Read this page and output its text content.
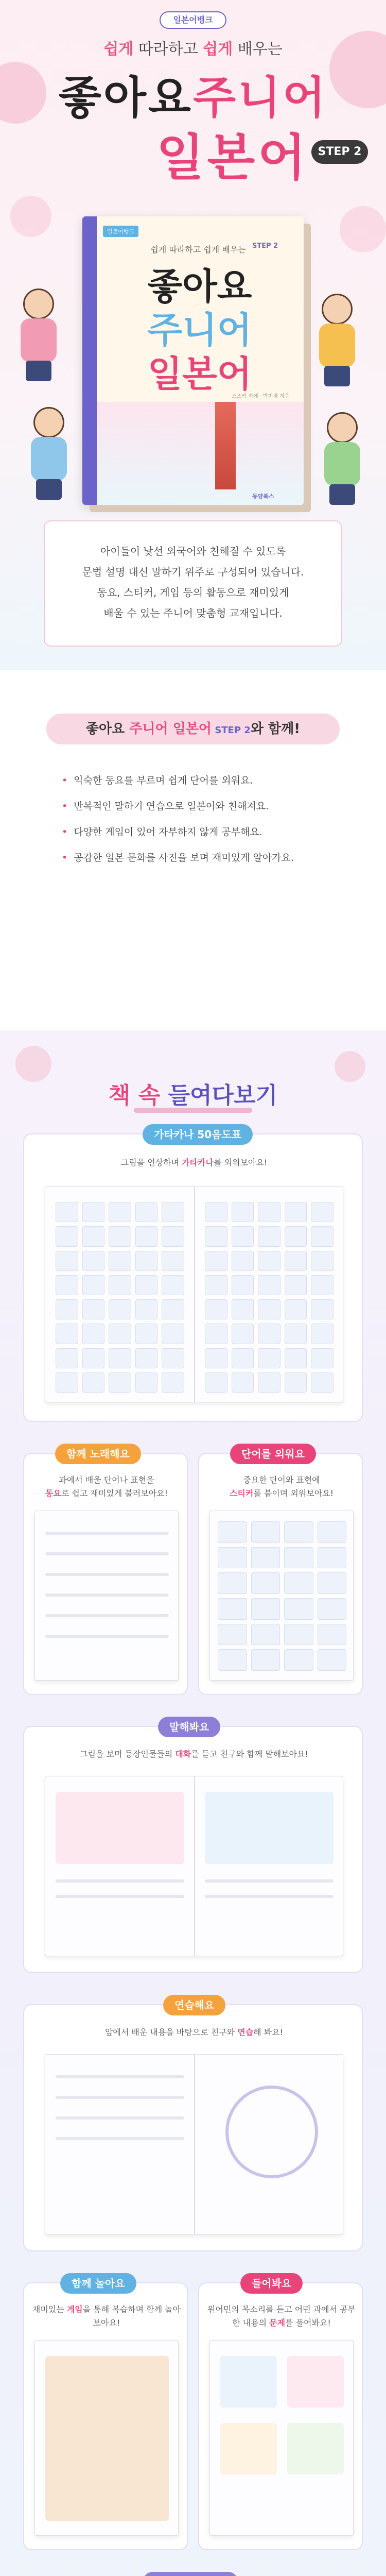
일본어뱅크
쉽게 따라하고 쉽게 배우는
좋아요주니어
일본어 STEP 2
일본어뱅크
쉽게 따라하고 쉽게 배우는 STEP 2
좋아요
주니어
일본어
스즈키 지에 · 박미경 지음
동양북스

아이들이 낯선 외국어와 친해질 수 있도록

문법 설명 대신 말하기 위주로 구성되어 있습니다.

동요, 스티커, 게임 등의 활동으로 재미있게

배울 수 있는 주니어 맞춤형 교재입니다.

좋아요 주니어 일본어 STEP 2와 함께!
• 익숙한 동요를 부르며 쉽게 단어를 외워요.
• 반복적인 말하기 연습으로 일본어와 친해져요.
• 다양한 게임이 있어 자부하지 않게 공부해요.
• 공감한 일본 문화를 사진을 보며 재미있게 알아가요.
책 속 들여다보기
가타카나 50음도표
그림을 연상하며 가타카나를 외워보아요!
함께 노래해요
과에서 배울 단어나 표현을
동요로 쉽고 재미있게 불러보아요!
단어를 외워요
중요한 단어와 표현에
스티커를 붙이며 외워보아요!
말해봐요
그림을 보며 등장인물들의 대화를 듣고 친구와 함께 말해보아요!
연습해요
앞에서 배운 내용을 바탕으로 친구와 연습해 봐요!
함께 놀아요
재미있는 게임을 통해 복습하며 함께 놀아보아요!
들어봐요
원어민의 목소리를 듣고 어떤 과에서 공부한 내용의 문제를 풀어봐요!
